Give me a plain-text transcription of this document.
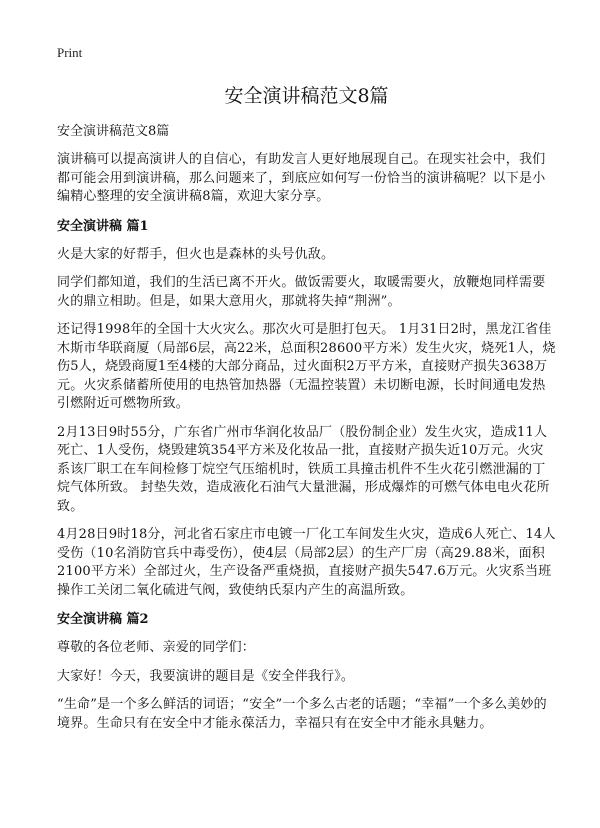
Print
安全演讲稿范文8篇
安全演讲稿范文8篇

演讲稿可以提高演讲人的自信心，有助发言人更好地展现自己。在现实社会中，我们都可能会用到演讲稿，那么问题来了，到底应如何写一份恰当的演讲稿呢？以下是小编精心整理的安全演讲稿8篇，欢迎大家分享。

安全演讲稿 篇1

火是大家的好帮手，但火也是森林的头号仇敌。

同学们都知道，我们的生活已离不开火。做饭需要火，取暖需要火，放鞭炮同样需要火的鼎立相助。但是，如果大意用火，那就将失掉“荆洲”。

还记得1998年的全国十大火灾么。那次火可是胆打包天。 1月31日2时，黑龙江省佳木斯市华联商厦（局部6层，高22米，总面积28600平方米）发生火灾，烧死1人，烧伤5人，烧毁商厦1至4楼的大部分商品，过火面积2万平方米，直接财产损失3638万元。火灾系储蓄所使用的电热管加热器（无温控装置）未切断电源，长时间通电发热引燃附近可燃物所致。

2月13日9时55分，广东省广州市华润化妆品厂（股份制企业）发生火灾，造成11人死亡、1人受伤，烧毁建筑354平方米及化妆品一批，直接财产损失近10万元。火灾系该厂职工在车间检修丁烷空气压缩机时，铁质工具撞击机件不生火花引燃泄漏的丁烷气体所致。 封垫失效，造成液化石油气大量泄漏，形成爆炸的可燃气体电电火花所致。

4月28日9时18分，河北省石家庄市电镀一厂化工车间发生火灾，造成6人死亡、14人受伤（10名消防官兵中毒受伤），使4层（局部2层）的生产厂房（高29.88米，面积2100平方米）全部过火，生产设备严重烧损，直接财产损失547.6万元。火灾系当班操作工关闭二氧化硫进气阀，致使纳氏泵内产生的高温所致。

安全演讲稿 篇2

尊敬的各位老师、亲爱的同学们：

大家好！今天，我要演讲的题目是《安全伴我行》。

“生命”是一个多么鲜活的词语；“安全”一个多么古老的话题；“幸福”一个多么美妙的境界。生命只有在安全中才能永葆活力，幸福只有在安全中才能永具魅力。
